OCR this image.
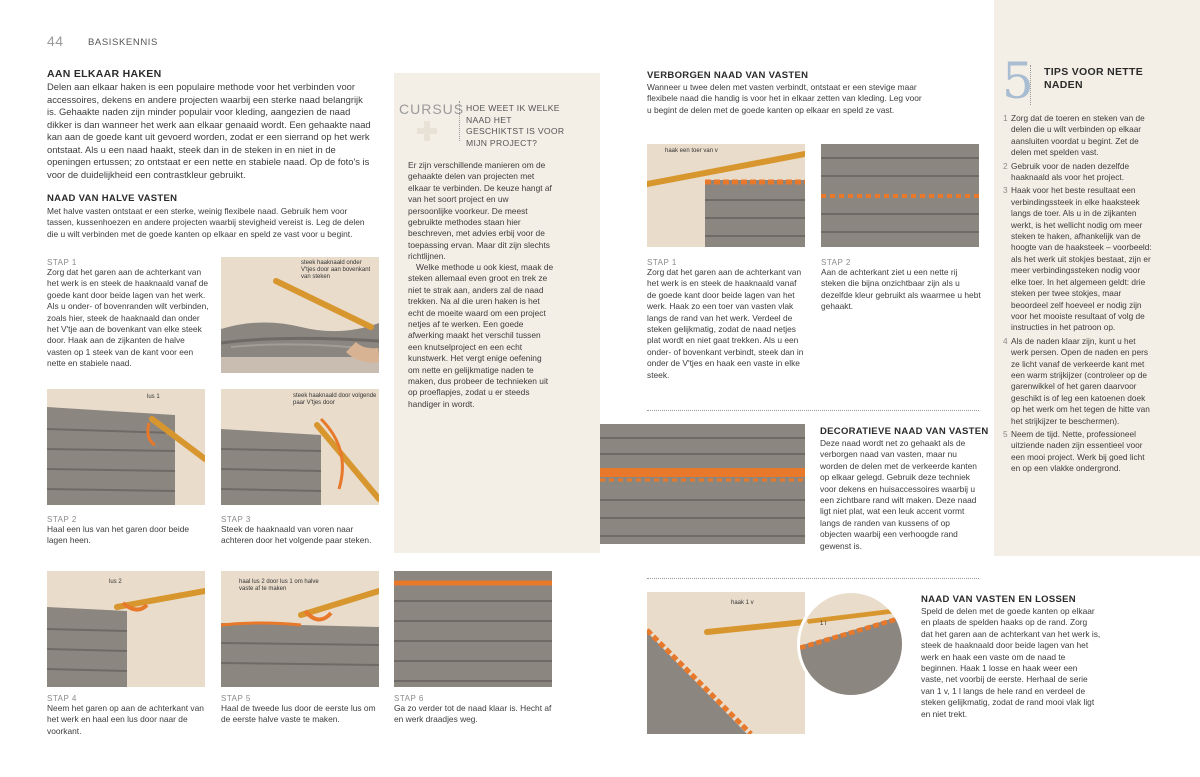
44	BASISKENNIS
AAN ELKAAR HAKEN

Delen aan elkaar haken is een populaire methode voor het verbinden voor accessoires, dekens en andere projecten waarbij een sterke naad belangrijk is. Gehaakte naden zijn minder populair voor kleding, aangezien de naad dikker is dan wanneer het werk aan elkaar genaaid wordt. Een gehaakte naad kan aan de goede kant uit gevoerd worden, zodat er een sierrand op het werk ontstaat. Als u een naad haakt, steek dan in de steken in en niet in de openingen ertussen; zo ontstaat er een nette en stabiele naad. Op de foto's is voor de duidelijkheid een contrastkleur gebruikt.

NAAD VAN HALVE VASTEN

Met halve vasten ontstaat er een sterke, weinig flexibele naad. Gebruik hem voor tassen, kussenhoezen en andere projecten waarbij stevigheid vereist is. Leg de delen die u wilt verbinden met de goede kanten op elkaar en speld ze vast voor u begint.

STAP 1

Zorg dat het garen aan de achterkant van het werk is en steek de haaknaald vanaf de goede kant door beide lagen van het werk. Als u onder- of bovenranden wilt verbinden, zoals hier, steek de haaknaald dan onder het V'tje aan de bovenkant van elke steek door. Haak aan de zijkanten de halve vasten op 1 steek van de kant voor een nette en stabiele naad.

steek haaknaald onder V'tjes door aan bovenkant van steken
lus 1	steek haaknaald door volgende paar V'tjes door
STAP 2

Haal een lus van het garen door beide lagen heen.

STAP 3

Steek de haaknaald van voren naar achteren door het volgende paar steken.

lus 2	haal lus 2 door lus 1 om halve vaste af te maken
STAP 4

Neem het garen op aan de achterkant van het werk en haal een lus door naar de voorkant.

STAP 5

Haal de tweede lus door de eerste lus om de eerste halve vaste te maken.

STAP 6

Ga zo verder tot de naad klaar is. Hecht af en werk draadjes weg.

CURSUS HOE WEET IK WELKE NAAD HET GESCHIKTST IS VOOR MIJN PROJECT?

Er zijn verschillende manieren om de gehaakte delen van projecten met elkaar te verbinden. De keuze hangt af van het soort project en uw persoonlijke voorkeur. De meest gebruikte methodes staan hier beschreven, met advies erbij voor de toepassing ervan. Maar dit zijn slechts richtlijnen.

Welke methode u ook kiest, maak de steken allemaal even groot en trek ze niet te strak aan, anders zal de naad trekken. Na al die uren haken is het echt de moeite waard om een project netjes af te werken. Een goede afwerking maakt het verschil tussen een knutselproject en een echt kunstwerk. Het vergt enige oefening om nette en gelijkmatige naden te maken, dus probeer de technieken uit op proeflapjes, zodat u er steeds handiger in wordt.

VERBORGEN NAAD VAN VASTEN

Wanneer u twee delen met vasten verbindt, ontstaat er een stevige maar flexibele naad die handig is voor het in elkaar zetten van kleding. Leg voor u begint de delen met de goede kanten op elkaar en speld ze vast.

haak een toer van v
STAP 1

Zorg dat het garen aan de achterkant van het werk is en steek de haaknaald vanaf de goede kant door beide lagen van het werk. Haak zo een toer van vasten vlak langs de rand van het werk. Verdeel de steken gelijkmatig, zodat de naad netjes plat wordt en niet gaat trekken. Als u een onder- of bovenkant verbindt, steek dan in onder de V'tjes en haak een vaste in elke steek.

STAP 2

Aan de achterkant ziet u een nette rij steken die bijna onzichtbaar zijn als u dezelfde kleur gebruikt als waarmee u hebt gehaakt.

DECORATIEVE NAAD VAN VASTEN

Deze naad wordt net zo gehaakt als de verborgen naad van vasten, maar nu worden de delen met de verkeerde kanten op elkaar gelegd. Gebruik deze techniek voor dekens en huisaccessoires waarbij u een zichtbare rand wilt maken. Deze naad ligt niet plat, wat een leuk accent vormt langs de randen van kussens of op objecten waarbij een verhoogde rand gewenst is.

haak 1 v
1 l
NAAD VAN VASTEN EN LOSSEN

Speld de delen met de goede kanten op elkaar en plaats de spelden haaks op de rand. Zorg dat het garen aan de achterkant van het werk is, steek de haaknaald door beide lagen van het werk en haak een vaste om de naad te beginnen. Haak 1 losse en haak weer een vaste, net voorbij de eerste. Herhaal de serie van 1 v, 1 l langs de hele rand en verdeel de steken gelijkmatig, zodat de rand mooi vlak ligt en niet trekt.

5 TIPS VOOR NETTE NADEN
1 Zorg dat de toeren en steken van de delen die u wilt verbinden op elkaar aansluiten voordat u begint. Zet de delen met spelden vast.
2 Gebruik voor de naden dezelfde haaknaald als voor het project.
3 Haak voor het beste resultaat een verbindingssteek in elke haaksteek langs de toer. Als u in de zijkanten werkt, is het wellicht nodig om meer steken te haken, afhankelijk van de hoogte van de haaksteek – voorbeeld: als het werk uit stokjes bestaat, zijn er meer verbindingssteken nodig voor elke toer. In het algemeen geldt: drie steken per twee stokjes, maar beoordeel zelf hoeveel er nodig zijn voor het mooiste resultaat of volg de instructies in het patroon op.
4 Als de naden klaar zijn, kunt u het werk persen. Open de naden en pers ze licht vanaf de verkeerde kant met een warm strijkijzer (controleer op de garenwikkel of het garen daarvoor geschikt is of leg een katoenen doek op het werk om het tegen de hitte van het strijkijzer te beschermen).
5 Neem de tijd. Nette, professioneel uitziende naden zijn essentieel voor een mooi project. Werk bij goed licht en op een vlakke ondergrond.
